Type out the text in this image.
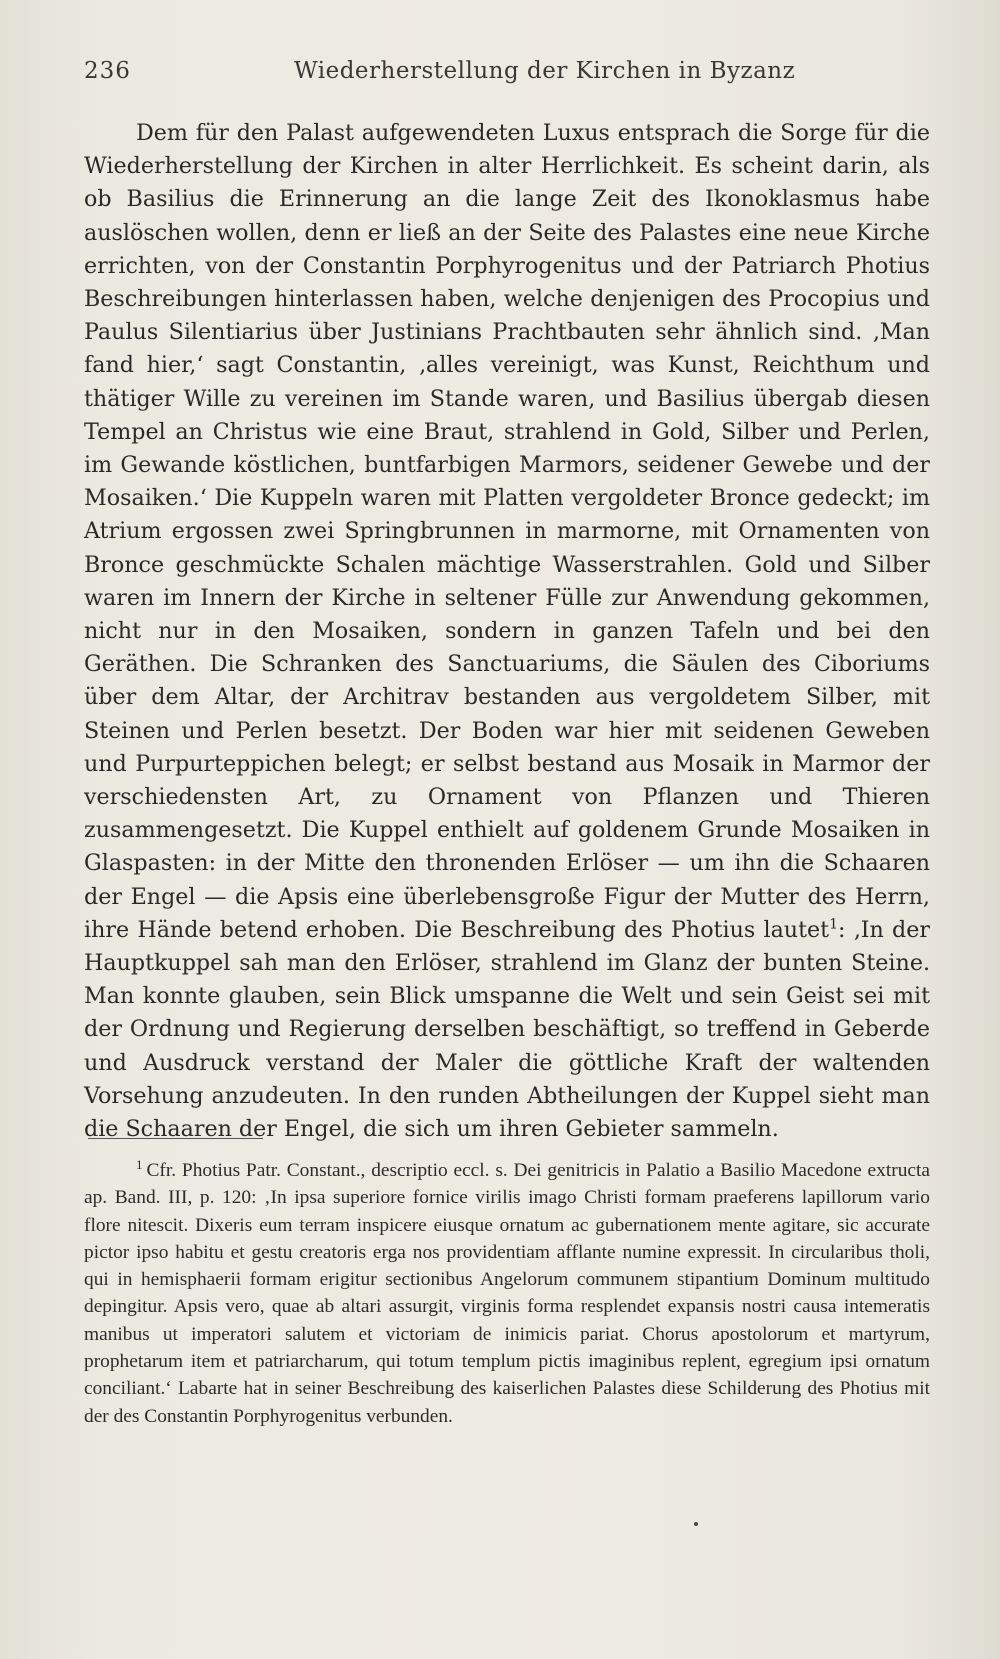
236	Wiederherstellung der Kirchen in Byzanz

Dem für den Palast aufgewendeten Luxus entsprach die Sorge für die Wiederherstellung der Kirchen in alter Herrlichkeit. Es scheint darin, als ob Basilius die Erinnerung an die lange Zeit des Ikonoklasmus habe auslöschen wollen, denn er ließ an der Seite des Palastes eine neue Kirche errichten, von der Constantin Porphyrogenitus und der Patriarch Photius Beschreibungen hinterlassen haben, welche denjenigen des Procopius und Paulus Silentiarius über Justinians Prachtbauten sehr ähnlich sind. ‚Man fand hier,‘ sagt Constantin, ‚alles vereinigt, was Kunst, Reichthum und thätiger Wille zu vereinen im Stande waren, und Basilius übergab diesen Tempel an Christus wie eine Braut, strahlend in Gold, Silber und Perlen, im Gewande köstlichen, buntfarbigen Marmors, seidener Gewebe und der Mosaiken.‘ Die Kuppeln waren mit Platten vergoldeter Bronce gedeckt; im Atrium ergossen zwei Springbrunnen in marmorne, mit Ornamenten von Bronce geschmückte Schalen mächtige Wasserstrahlen. Gold und Silber waren im Innern der Kirche in seltener Fülle zur Anwendung gekommen, nicht nur in den Mosaiken, sondern in ganzen Tafeln und bei den Geräthen. Die Schranken des Sanctuariums, die Säulen des Ciboriums über dem Altar, der Architrav bestanden aus vergoldetem Silber, mit Steinen und Perlen besetzt. Der Boden war hier mit seidenen Geweben und Purpurteppichen belegt; er selbst bestand aus Mosaik in Marmor der verschiedensten Art, zu Ornament von Pflanzen und Thieren zusammengesetzt. Die Kuppel enthielt auf goldenem Grunde Mosaiken in Glaspasten: in der Mitte den thronenden Erlöser — um ihn die Schaaren der Engel — die Apsis eine überlebensgroße Figur der Mutter des Herrn, ihre Hände betend erhoben. Die Beschreibung des Photius lautet$^1$: ‚In der Hauptkuppel sah man den Erlöser, strahlend im Glanz der bunten Steine. Man konnte glauben, sein Blick umspanne die Welt und sein Geist sei mit der Ordnung und Regierung derselben beschäftigt, so treffend in Geberde und Ausdruck verstand der Maler die göttliche Kraft der waltenden Vorsehung anzudeuten. In den runden Abtheilungen der Kuppel sieht man die Schaaren der Engel, die sich um ihren Gebieter sammeln.

$^1$ Cfr. Photius Patr. Constant., descriptio eccl. s. Dei genitricis in Palatio a Basilio Macedone extructa ap. Band. III, p. 120: ‚In ipsa superiore fornice virilis imago Christi formam praeferens lapillorum vario flore nitescit. Dixeris eum terram inspicere eiusque ornatum ac gubernationem mente agitare, sic accurate pictor ipso habitu et gestu creatoris erga nos providentiam afflante numine expressit. In circularibus tholi, qui in hemisphaerii formam erigitur sectionibus Angelorum communem stipantium Dominum multitudo depingitur. Apsis vero, quae ab altari assurgit, virginis forma resplendet expansis nostri causa intemeratis manibus ut imperatori salutem et victoriam de inimicis pariat. Chorus apostolorum et martyrum, prophetarum item et patriarcharum, qui totum templum pictis imaginibus replent, egregium ipsi ornatum conciliant.‘ Labarte hat in seiner Beschreibung des kaiserlichen Palastes diese Schilderung des Photius mit der des Constantin Porphyrogenitus verbunden.
